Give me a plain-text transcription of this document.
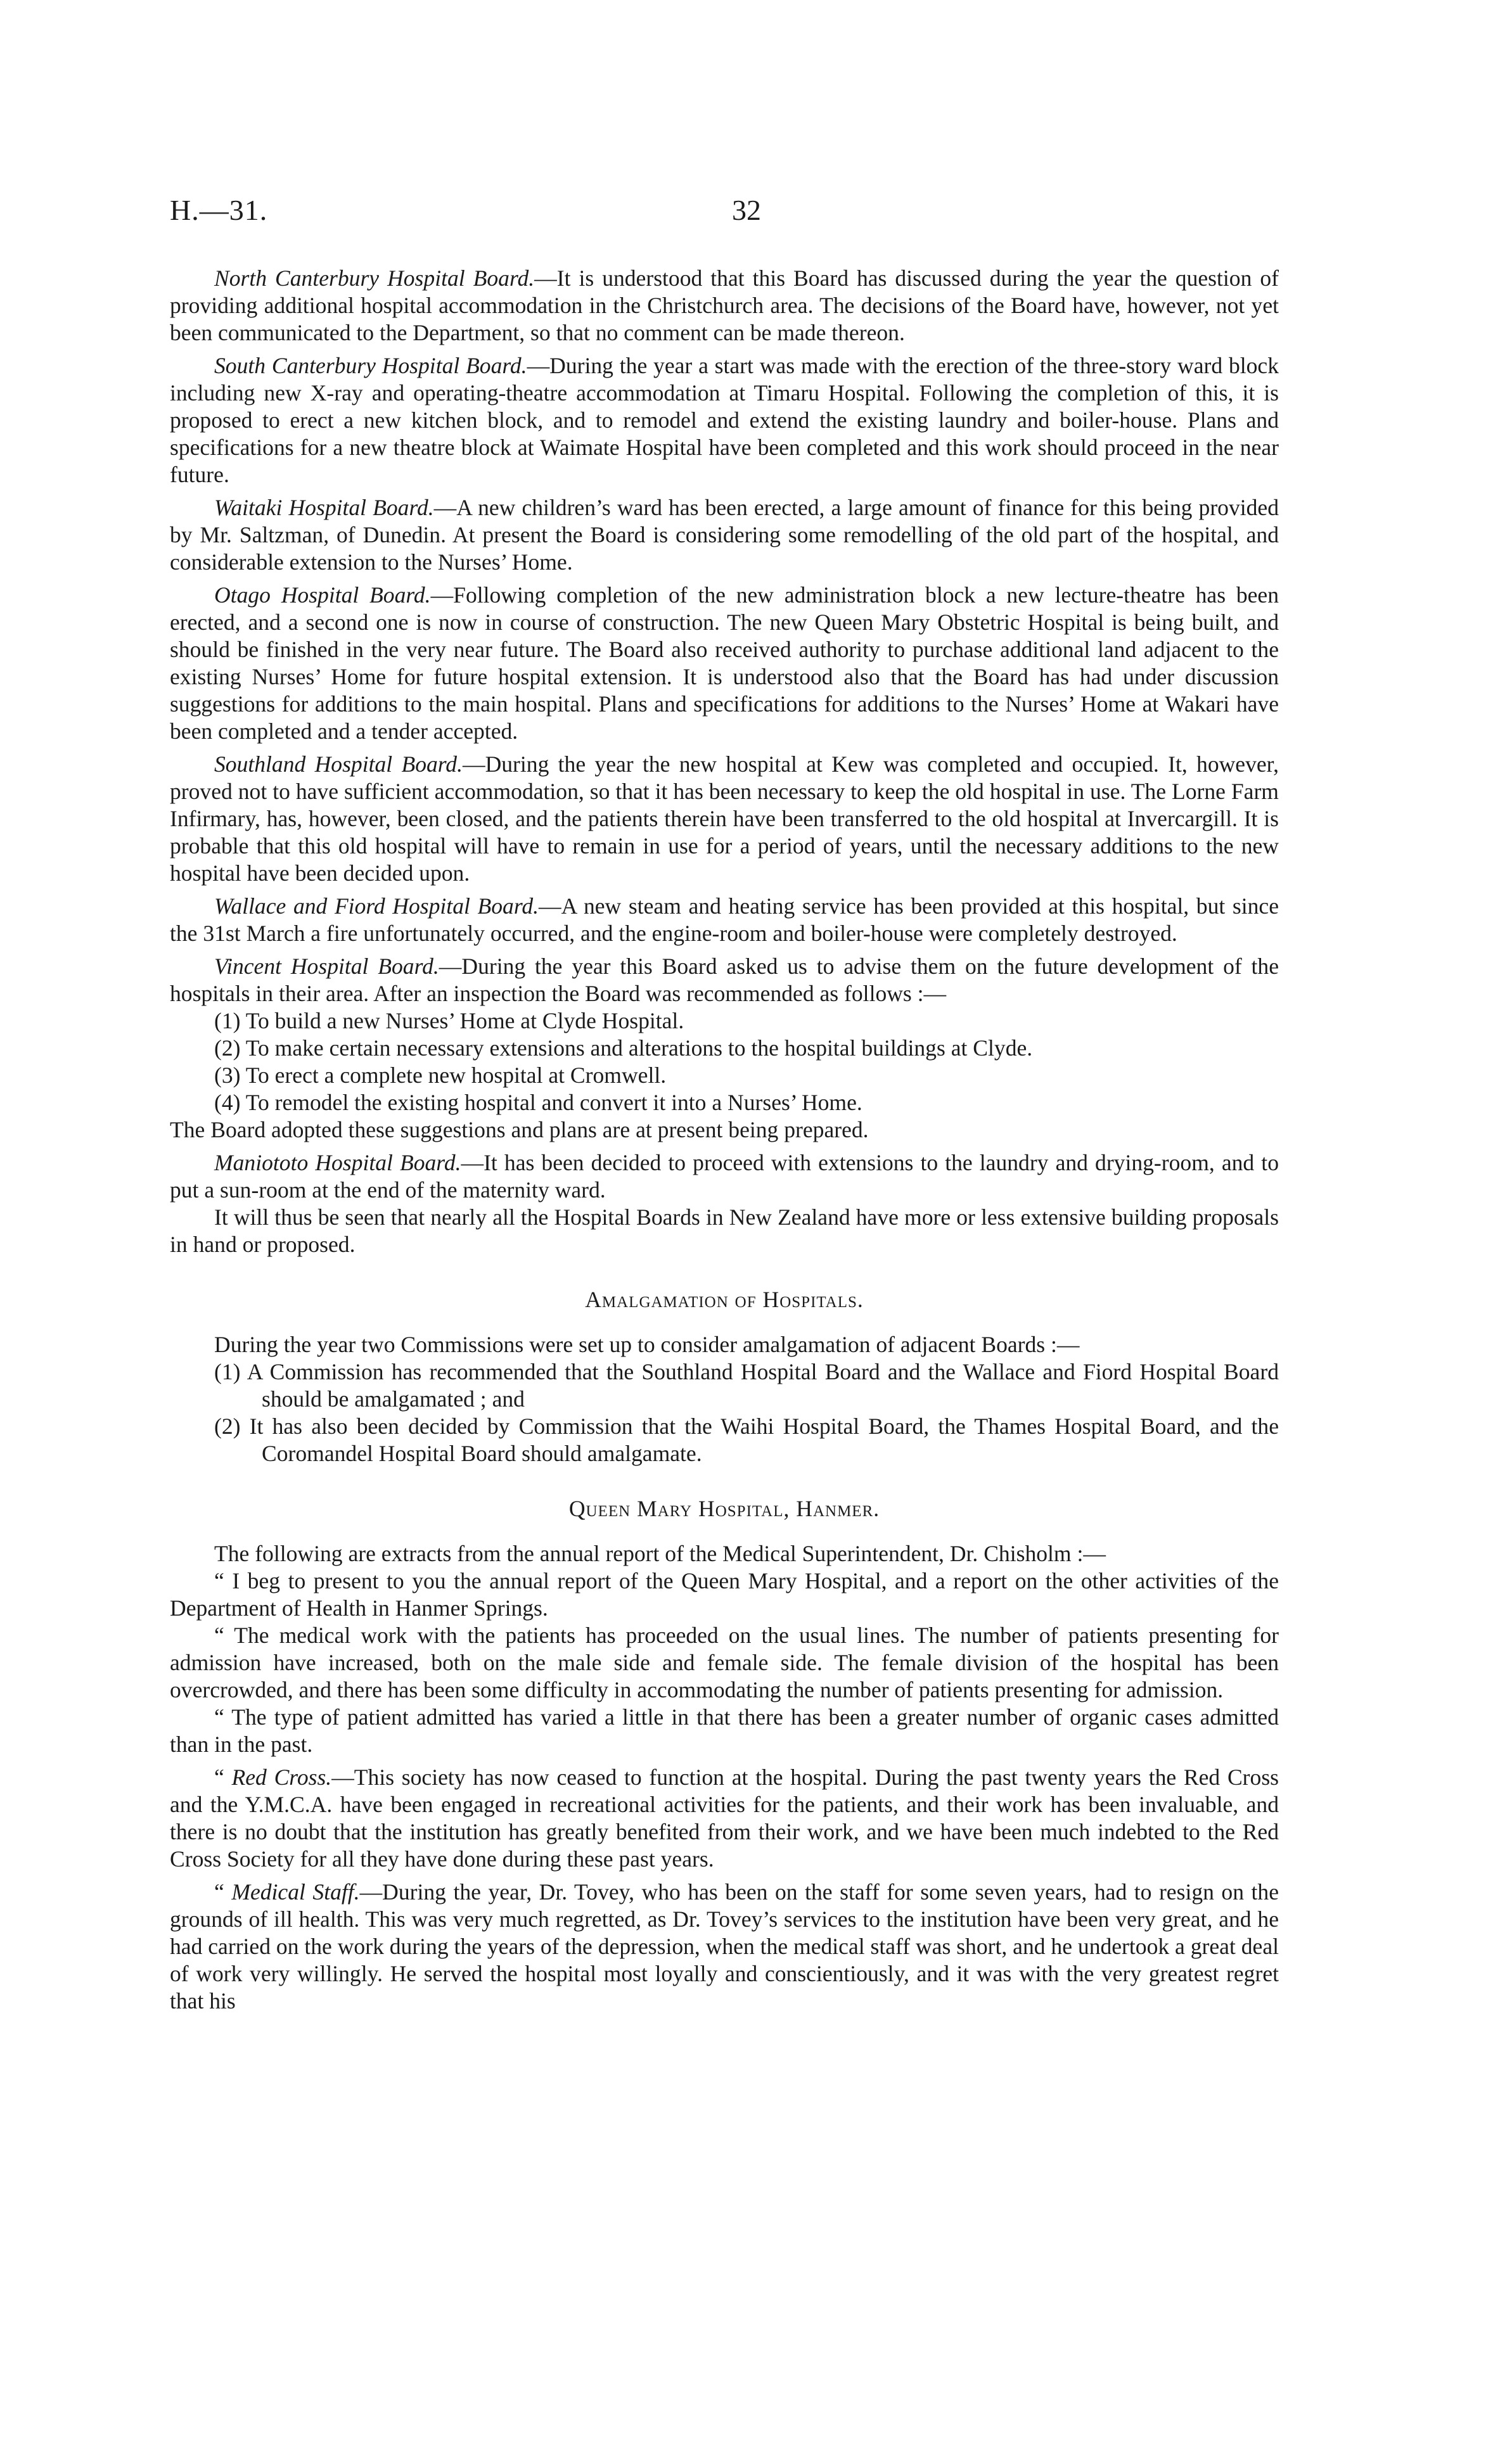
H.—31.	32

North Canterbury Hospital Board.—It is understood that this Board has discussed during the year the question of providing additional hospital accommodation in the Christchurch area. The decisions of the Board have, however, not yet been communicated to the Department, so that no comment can be made thereon.

South Canterbury Hospital Board.—During the year a start was made with the erection of the three-story ward block including new X-ray and operating-theatre accommodation at Timaru Hospital. Following the completion of this, it is proposed to erect a new kitchen block, and to remodel and extend the existing laundry and boiler-house. Plans and specifications for a new theatre block at Waimate Hospital have been completed and this work should proceed in the near future.

Waitaki Hospital Board.—A new children’s ward has been erected, a large amount of finance for this being provided by Mr. Saltzman, of Dunedin. At present the Board is considering some remodelling of the old part of the hospital, and considerable extension to the Nurses’ Home.

Otago Hospital Board.—Following completion of the new administration block a new lecture-theatre has been erected, and a second one is now in course of construction. The new Queen Mary Obstetric Hospital is being built, and should be finished in the very near future. The Board also received authority to purchase additional land adjacent to the existing Nurses’ Home for future hospital extension. It is understood also that the Board has had under discussion suggestions for additions to the main hospital. Plans and specifications for additions to the Nurses’ Home at Wakari have been completed and a tender accepted.

Southland Hospital Board.—During the year the new hospital at Kew was completed and occupied. It, however, proved not to have sufficient accommodation, so that it has been necessary to keep the old hospital in use. The Lorne Farm Infirmary, has, however, been closed, and the patients therein have been transferred to the old hospital at Invercargill. It is probable that this old hospital will have to remain in use for a period of years, until the necessary additions to the new hospital have been decided upon.

Wallace and Fiord Hospital Board.—A new steam and heating service has been provided at this hospital, but since the 31st March a fire unfortunately occurred, and the engine-room and boiler-house were completely destroyed.

Vincent Hospital Board.—During the year this Board asked us to advise them on the future development of the hospitals in their area. After an inspection the Board was recommended as follows :—

(1) To build a new Nurses’ Home at Clyde Hospital.
(2) To make certain necessary extensions and alterations to the hospital buildings at Clyde.
(3) To erect a complete new hospital at Cromwell.
(4) To remodel the existing hospital and convert it into a Nurses’ Home.

The Board adopted these suggestions and plans are at present being prepared.

Maniototo Hospital Board.—It has been decided to proceed with extensions to the laundry and drying-room, and to put a sun-room at the end of the maternity ward.

It will thus be seen that nearly all the Hospital Boards in New Zealand have more or less extensive building proposals in hand or proposed.

Amalgamation of Hospitals.

During the year two Commissions were set up to consider amalgamation of adjacent Boards :—

(1) A Commission has recommended that the Southland Hospital Board and the Wallace and Fiord Hospital Board should be amalgamated ; and
(2) It has also been decided by Commission that the Waihi Hospital Board, the Thames Hospital Board, and the Coromandel Hospital Board should amalgamate.
Queen Mary Hospital, Hanmer.

The following are extracts from the annual report of the Medical Superintendent, Dr. Chisholm :—

“ I beg to present to you the annual report of the Queen Mary Hospital, and a report on the other activities of the Department of Health in Hanmer Springs.

“ The medical work with the patients has proceeded on the usual lines. The number of patients presenting for admission have increased, both on the male side and female side. The female division of the hospital has been overcrowded, and there has been some difficulty in accommodating the number of patients presenting for admission.

“ The type of patient admitted has varied a little in that there has been a greater number of organic cases admitted than in the past.

“ Red Cross.—This society has now ceased to function at the hospital. During the past twenty years the Red Cross and the Y.M.C.A. have been engaged in recreational activities for the patients, and their work has been invaluable, and there is no doubt that the institution has greatly benefited from their work, and we have been much indebted to the Red Cross Society for all they have done during these past years.

“ Medical Staff.—During the year, Dr. Tovey, who has been on the staff for some seven years, had to resign on the grounds of ill health. This was very much regretted, as Dr. Tovey’s services to the institution have been very great, and he had carried on the work during the years of the depression, when the medical staff was short, and he undertook a great deal of work very willingly. He served the hospital most loyally and conscientiously, and it was with the very greatest regret that his
